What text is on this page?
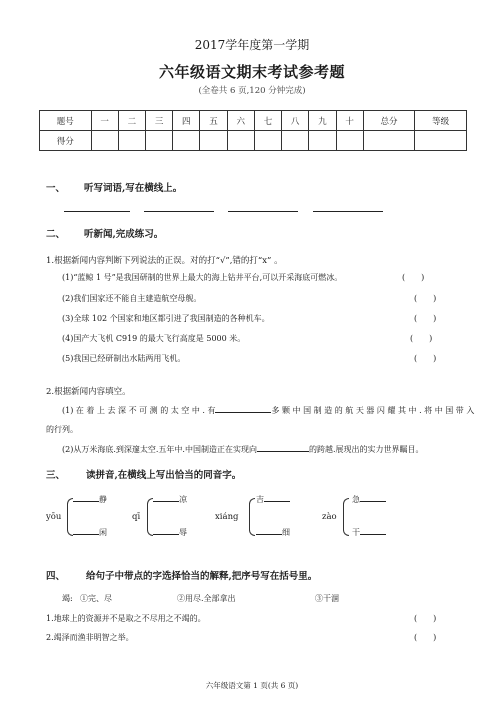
2017学年度第一学期
六年级语文期末考试参考题
(全卷共 6 页,120 分钟完成)
题号	一	二	三	四	五	六	七	八	九	十	总分	等级
得分												
一、 听写词语,写在横线上。
二、 听新闻,完成练习。
1.根据新闻内容判断下列说法的正误。对的打“√”,错的打“x” 。
(1)“蓝鲸 1 号”是我国研制的世界上最大的海上钻井平台,可以开采海底可燃冰。	(　　)
(2)我们国家还不能自主建造航空母舰。	(　　)
(3)全球 102 个国家和地区都引进了我国制造的各种机车。	(　　)
(4)国产大飞机 C919 的最大飞行高度是 5000 米。	(　　)
(5)我国已经研制出水陆两用飞机。	(　　)
2.根据新闻内容填空。
(1) 在 着 上 去 深 不 可 测 的 太 空 中 . 有	多 颗 中 国 制 造 的 航 天 器 闪 耀 其 中 . 将 中 国 带 入
的行列。
(2)从万米海底.到深邃太空.五年中.中国制造正在实现向	的跨越.展现出的实力世界瞩目。
三、 读拼音,在横线上写出恰当的同音字。
yōu
静
闲
qī
凉
辱
xiáng
吉
细
zào
急
干
四、 给句子中带点的字选择恰当的解释,把序号写在括号里。
竭: ①完、尽	②用尽.全部拿出	③干涸
1.地球上的资源并不是取之不尽用之不竭的。	(　　)
2.竭泽而渔非明智之举。	(　　)
六年级语文第 1 页(共 6 页)
